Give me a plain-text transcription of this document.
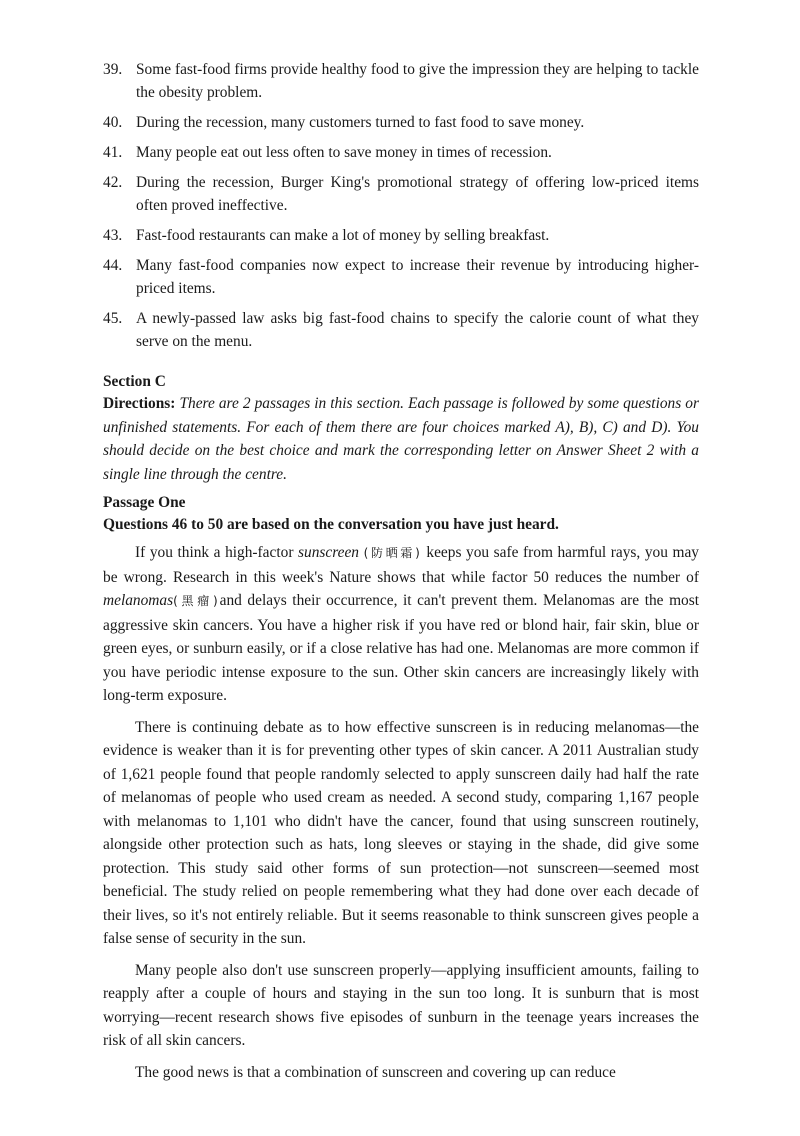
39. Some fast-food firms provide healthy food to give the impression they are helping to tackle the obesity problem.
40. During the recession, many customers turned to fast food to save money.
41. Many people eat out less often to save money in times of recession.
42. During the recession, Burger King's promotional strategy of offering low-priced items often proved ineffective.
43. Fast-food restaurants can make a lot of money by selling breakfast.
44. Many fast-food companies now expect to increase their revenue by introducing higher-priced items.
45. A newly-passed law asks big fast-food chains to specify the calorie count of what they serve on the menu.
Section C
Directions: There are 2 passages in this section. Each passage is followed by some questions or unfinished statements. For each of them there are four choices marked A), B), C) and D). You should decide on the best choice and mark the corresponding letter on Answer Sheet 2 with a single line through the centre.
Passage One
Questions 46 to 50 are based on the conversation you have just heard.

If you think a high-factor sunscreen (防晒霜) keeps you safe from harmful rays, you may be wrong. Research in this week's Nature shows that while factor 50 reduces the number of melanomas(黑瘤)and delays their occurrence, it can't prevent them. Melanomas are the most aggressive skin cancers. You have a higher risk if you have red or blond hair, fair skin, blue or green eyes, or sunburn easily, or if a close relative has had one. Melanomas are more common if you have periodic intense exposure to the sun. Other skin cancers are increasingly likely with long-term exposure.

There is continuing debate as to how effective sunscreen is in reducing melanomas—the evidence is weaker than it is for preventing other types of skin cancer. A 2011 Australian study of 1,621 people found that people randomly selected to apply sunscreen daily had half the rate of melanomas of people who used cream as needed. A second study, comparing 1,167 people with melanomas to 1,101 who didn't have the cancer, found that using sunscreen routinely, alongside other protection such as hats, long sleeves or staying in the shade, did give some protection. This study said other forms of sun protection—not sunscreen—seemed most beneficial. The study relied on people remembering what they had done over each decade of their lives, so it's not entirely reliable. But it seems reasonable to think sunscreen gives people a false sense of security in the sun.

Many people also don't use sunscreen properly—applying insufficient amounts, failing to reapply after a couple of hours and staying in the sun too long. It is sunburn that is most worrying—recent research shows five episodes of sunburn in the teenage years increases the risk of all skin cancers.

The good news is that a combination of sunscreen and covering up can reduce
